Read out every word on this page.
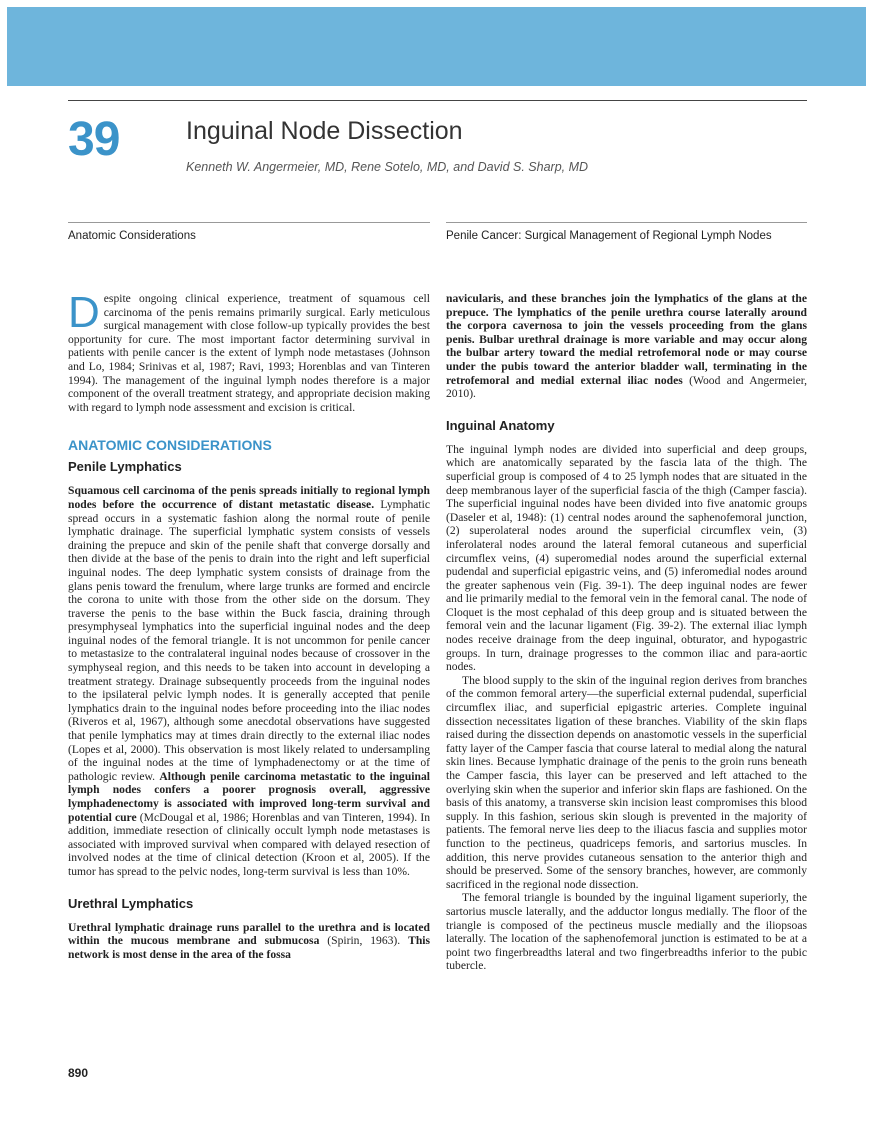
39	Inguinal Node Dissection
Kenneth W. Angermeier, MD, Rene Sotelo, MD, and David S. Sharp, MD
Anatomic Considerations	Penile Cancer: Surgical Management of Regional Lymph Nodes

Despite ongoing clinical experience, treatment of squamous cell carcinoma of the penis remains primarily surgical. Early meticulous surgical management with close follow-up typically provides the best opportunity for cure. The most important factor determining survival in patients with penile cancer is the extent of lymph node metastases (Johnson and Lo, 1984; Srinivas et al, 1987; Ravi, 1993; Horenblas and van Tinteren 1994). The management of the inguinal lymph nodes therefore is a major component of the overall treatment strategy, and appropriate decision making with regard to lymph node assessment and excision is critical.

ANATOMIC CONSIDERATIONS
Penile Lymphatics

Squamous cell carcinoma of the penis spreads initially to regional lymph nodes before the occurrence of distant metastatic disease. Lymphatic spread occurs in a systematic fashion along the normal route of penile lymphatic drainage. The superficial lymphatic system consists of vessels draining the prepuce and skin of the penile shaft that converge dorsally and then divide at the base of the penis to drain into the right and left superficial inguinal nodes. The deep lymphatic system consists of drainage from the glans penis toward the frenulum, where large trunks are formed and encircle the corona to unite with those from the other side on the dorsum. They traverse the penis to the base within the Buck fascia, draining through presymphyseal lymphatics into the superficial inguinal nodes and the deep inguinal nodes of the femoral triangle. It is not uncommon for penile cancer to metastasize to the contralateral inguinal nodes because of crossover in the symphyseal region, and this needs to be taken into account in developing a treatment strategy. Drainage subsequently proceeds from the inguinal nodes to the ipsilateral pelvic lymph nodes. It is generally accepted that penile lymphatics drain to the inguinal nodes before proceeding into the iliac nodes (Riveros et al, 1967), although some anecdotal observations have suggested that penile lymphatics may at times drain directly to the external iliac nodes (Lopes et al, 2000). This observation is most likely related to undersampling of the inguinal nodes at the time of lymphadenectomy or at the time of pathologic review. Although penile carcinoma metastatic to the inguinal lymph nodes confers a poorer prognosis overall, aggressive lymphadenectomy is associated with improved long-term survival and potential cure (McDougal et al, 1986; Horenblas and van Tinteren, 1994). In addition, immediate resection of clinically occult lymph node metastases is associated with improved survival when compared with delayed resection of involved nodes at the time of clinical detection (Kroon et al, 2005). If the tumor has spread to the pelvic nodes, long-term survival is less than 10%.

Urethral Lymphatics

Urethral lymphatic drainage runs parallel to the urethra and is located within the mucous membrane and submucosa (Spirin, 1963). This network is most dense in the area of the fossa

navicularis, and these branches join the lymphatics of the glans at the prepuce. The lymphatics of the penile urethra course laterally around the corpora cavernosa to join the vessels proceeding from the glans penis. Bulbar urethral drainage is more variable and may occur along the bulbar artery toward the medial retrofemoral node or may course under the pubis toward the anterior bladder wall, terminating in the retrofemoral and medial external iliac nodes (Wood and Angermeier, 2010).

Inguinal Anatomy

The inguinal lymph nodes are divided into superficial and deep groups, which are anatomically separated by the fascia lata of the thigh. The superficial group is composed of 4 to 25 lymph nodes that are situated in the deep membranous layer of the superficial fascia of the thigh (Camper fascia). The superficial inguinal nodes have been divided into five anatomic groups (Daseler et al, 1948): (1) central nodes around the saphenofemoral junction, (2) superolateral nodes around the superficial circumflex vein, (3) inferolateral nodes around the lateral femoral cutaneous and superficial circumflex veins, (4) superomedial nodes around the superficial external pudendal and superficial epigastric veins, and (5) inferomedial nodes around the greater saphenous vein (Fig. 39-1). The deep inguinal nodes are fewer and lie primarily medial to the femoral vein in the femoral canal. The node of Cloquet is the most cephalad of this deep group and is situated between the femoral vein and the lacunar ligament (Fig. 39-2). The external iliac lymph nodes receive drainage from the deep inguinal, obturator, and hypogastric groups. In turn, drainage progresses to the common iliac and para-aortic nodes.

The blood supply to the skin of the inguinal region derives from branches of the common femoral artery—the superficial external pudendal, superficial circumflex iliac, and superficial epigastric arteries. Complete inguinal dissection necessitates ligation of these branches. Viability of the skin flaps raised during the dissection depends on anastomotic vessels in the superficial fatty layer of the Camper fascia that course lateral to medial along the natural skin lines. Because lymphatic drainage of the penis to the groin runs beneath the Camper fascia, this layer can be preserved and left attached to the overlying skin when the superior and inferior skin flaps are fashioned. On the basis of this anatomy, a transverse skin incision least compromises this blood supply. In this fashion, serious skin slough is prevented in the majority of patients. The femoral nerve lies deep to the iliacus fascia and supplies motor function to the pectineus, quadriceps femoris, and sartorius muscles. In addition, this nerve provides cutaneous sensation to the anterior thigh and should be preserved. Some of the sensory branches, however, are commonly sacrificed in the regional node dissection.

The femoral triangle is bounded by the inguinal ligament superiorly, the sartorius muscle laterally, and the adductor longus medially. The floor of the triangle is composed of the pectineus muscle medially and the iliopsoas laterally. The location of the saphenofemoral junction is estimated to be at a point two fingerbreadths lateral and two fingerbreadths inferior to the pubic tubercle.

890
